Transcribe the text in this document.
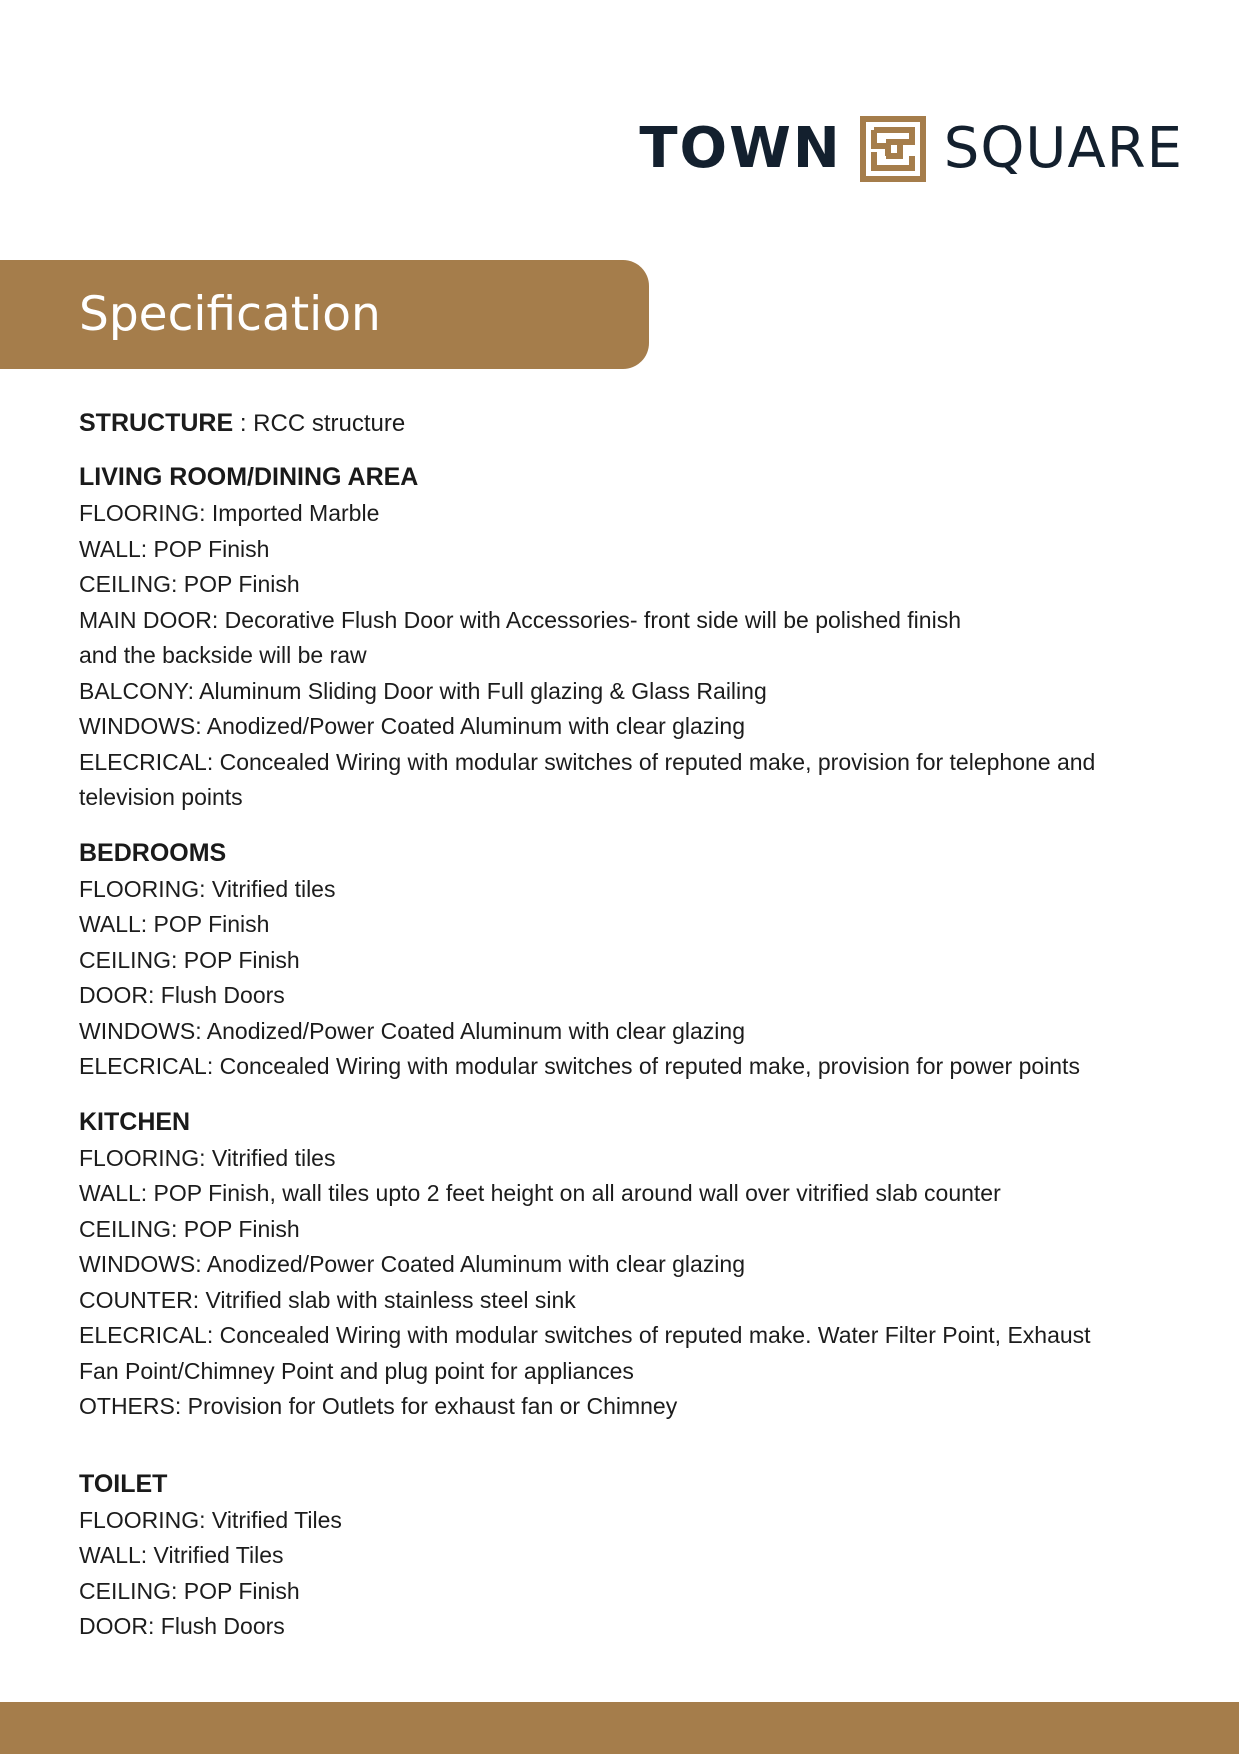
TOWN SQUARE
Specification
STRUCTURE : RCC structure
LIVING ROOM/DINING AREA
FLOORING: Imported Marble
WALL: POP Finish
CEILING: POP Finish
MAIN DOOR: Decorative Flush Door with Accessories- front side will be polished finish
and the backside will be raw
BALCONY: Aluminum Sliding Door with Full glazing & Glass Railing
WINDOWS: Anodized/Power Coated Aluminum with clear glazing
ELECRICAL: Concealed Wiring with modular switches of reputed make, provision for telephone and
television points
BEDROOMS
FLOORING: Vitrified tiles
WALL: POP Finish
CEILING: POP Finish
DOOR: Flush Doors
WINDOWS: Anodized/Power Coated Aluminum with clear glazing
ELECRICAL: Concealed Wiring with modular switches of reputed make, provision for power points
KITCHEN
FLOORING: Vitrified tiles
WALL: POP Finish, wall tiles upto 2 feet height on all around wall over vitrified slab counter
CEILING: POP Finish
WINDOWS: Anodized/Power Coated Aluminum with clear glazing
COUNTER: Vitrified slab with stainless steel sink
ELECRICAL: Concealed Wiring with modular switches of reputed make. Water Filter Point, Exhaust
Fan Point/Chimney Point and plug point for appliances
OTHERS: Provision for Outlets for exhaust fan or Chimney
TOILET
FLOORING: Vitrified Tiles
WALL: Vitrified Tiles
CEILING: POP Finish
DOOR: Flush Doors
